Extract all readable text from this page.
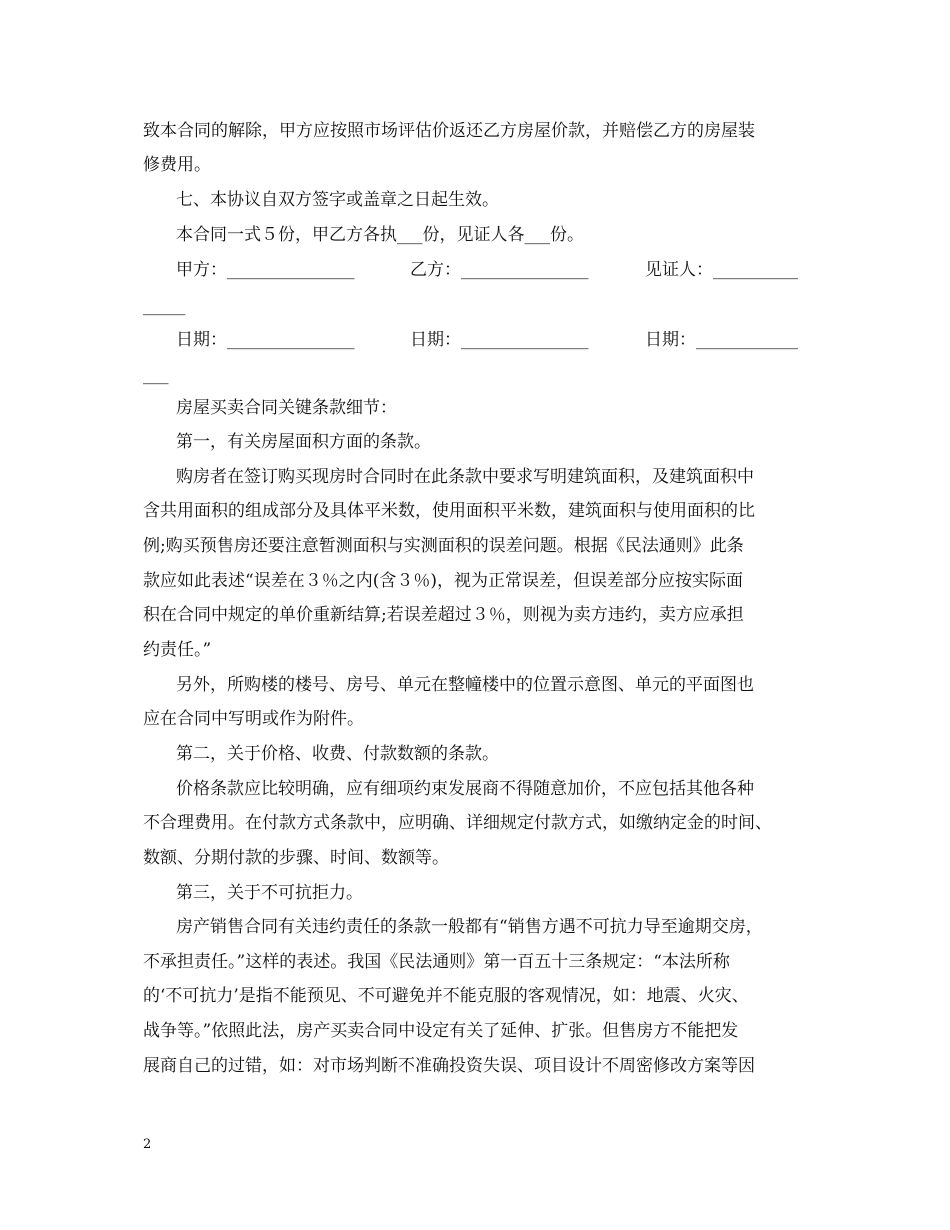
致本合同的解除，甲方应按照市场评估价返还乙方房屋价款，并赔偿乙方的房屋装
修费用。
七、本协议自双方签字或盖章之日起生效。
本合同一式５份，甲乙方各执___份，见证人各___份。
甲方：_______________	乙方：_______________	见证人：__________
_____
日期：_______________	日期：_______________	日期：____________
___
房屋买卖合同关键条款细节：
第一，有关房屋面积方面的条款。
购房者在签订购买现房时合同时在此条款中要求写明建筑面积，及建筑面积中
含共用面积的组成部分及具体平米数，使用面积平米数，建筑面积与使用面积的比
例;购买预售房还要注意暂测面积与实测面积的误差问题。根据《民法通则》此条
款应如此表述“误差在３％之内(含３％)，视为正常误差，但误差部分应按实际面
积在合同中规定的单价重新结算;若误差超过３％，则视为卖方违约，卖方应承担
约责任。”
另外，所购楼的楼号、房号、单元在整幢楼中的位置示意图、单元的平面图也
应在合同中写明或作为附件。
第二，关于价格、收费、付款数额的条款。
价格条款应比较明确，应有细项约束发展商不得随意加价，不应包括其他各种
不合理费用。在付款方式条款中，应明确、详细规定付款方式，如缴纳定金的时间、
数额、分期付款的步骤、时间、数额等。
第三，关于不可抗拒力。
房产销售合同有关违约责任的条款一般都有“销售方遇不可抗力导至逾期交房，
不承担责任。”这样的表述。我国《民法通则》第一百五十三条规定：“本法所称
的‘不可抗力’是指不能预见、不可避免并不能克服的客观情况，如：地震、火灾、
战争等。”依照此法，房产买卖合同中设定有关了延伸、扩张。但售房方不能把发
展商自己的过错，如：对市场判断不准确投资失误、项目设计不周密修改方案等因
2
